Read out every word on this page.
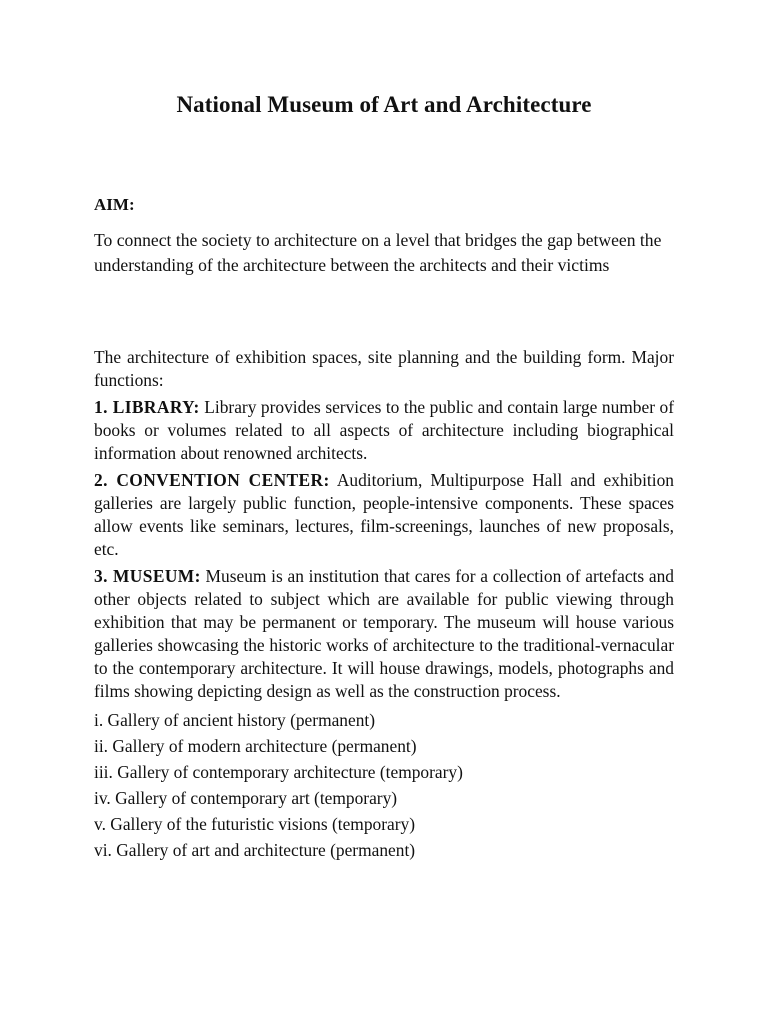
National Museum of Art and Architecture
AIM:
To connect the society to architecture on a level that bridges the gap between the understanding of the architecture between the architects and their victims

The architecture of exhibition spaces, site planning and the building form. Major functions:

1. LIBRARY: Library provides services to the public and contain large number of books or volumes related to all aspects of architecture including biographical information about renowned architects.

2. CONVENTION CENTER: Auditorium, Multipurpose Hall and exhibition galleries are largely public function, people-intensive components. These spaces allow events like seminars, lectures, film-screenings, launches of new proposals, etc.

3. MUSEUM: Museum is an institution that cares for a collection of artefacts and other objects related to subject which are available for public viewing through exhibition that may be permanent or temporary. The museum will house various galleries showcasing the historic works of architecture to the traditional-vernacular to the contemporary architecture. It will house drawings, models, photographs and films showing depicting design as well as the construction process.

i. Gallery of ancient history (permanent)
ii. Gallery of modern architecture (permanent)
iii. Gallery of contemporary architecture (temporary)
iv. Gallery of contemporary art (temporary)
v. Gallery of the futuristic visions (temporary)
vi. Gallery of art and architecture (permanent)
